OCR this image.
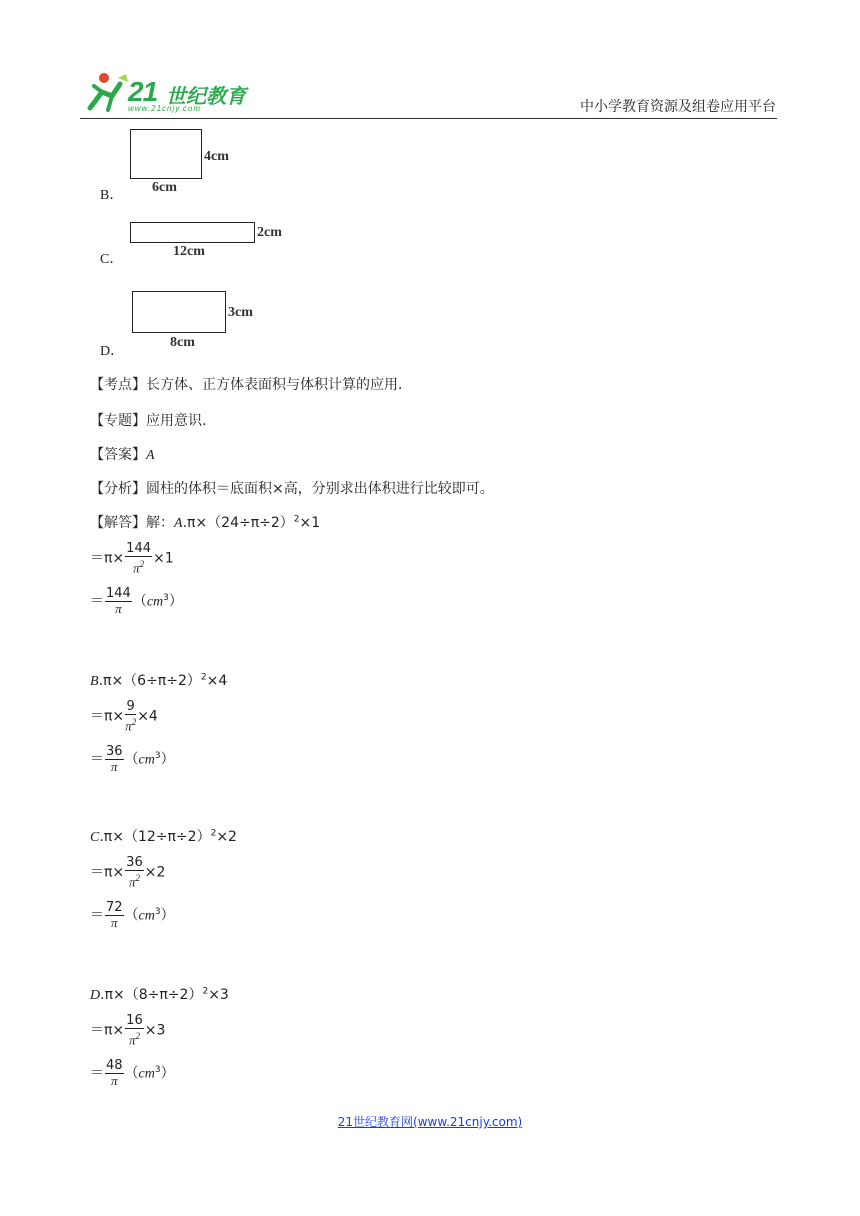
21 世纪教育
www.21cnjy.com	中小学教育资源及组卷应用平台
B．
4cm
6cm
C．
2cm
12cm
D．
3cm
8cm
【考点】长方体、正方体表面积与体积计算的应用．
【专题】应用意识．
【答案】A
【分析】圆柱的体积＝底面积×高，分别求出体积进行比较即可。
【解答】解：$A.\pi\times(24\div\pi\div 2)^2\times 1$
$=\pi\times \frac{144}{\pi^2} \times 1$
＝ $\frac{144}{\pi} (cm^3)$
$B.\pi\times(6\div\pi\div 2)^2\times 4$
$=\pi\times \frac{9}{\pi^2} \times 4$
＝ $\frac{36}{\pi} (cm^3)$
$C.\pi\times(12\div\pi\div 2)^2\times 2$
$=\pi\times \frac{36}{\pi^2} \times 2$
＝ $\frac{72}{\pi} (cm^3)$
$D.\pi\times(8\div\pi\div 2)^2\times 3$
$=\pi\times \frac{16}{\pi^2} \times 3$
＝ $\frac{48}{\pi} (cm^3)$
21世纪教育网(www.21cnjy.com)
